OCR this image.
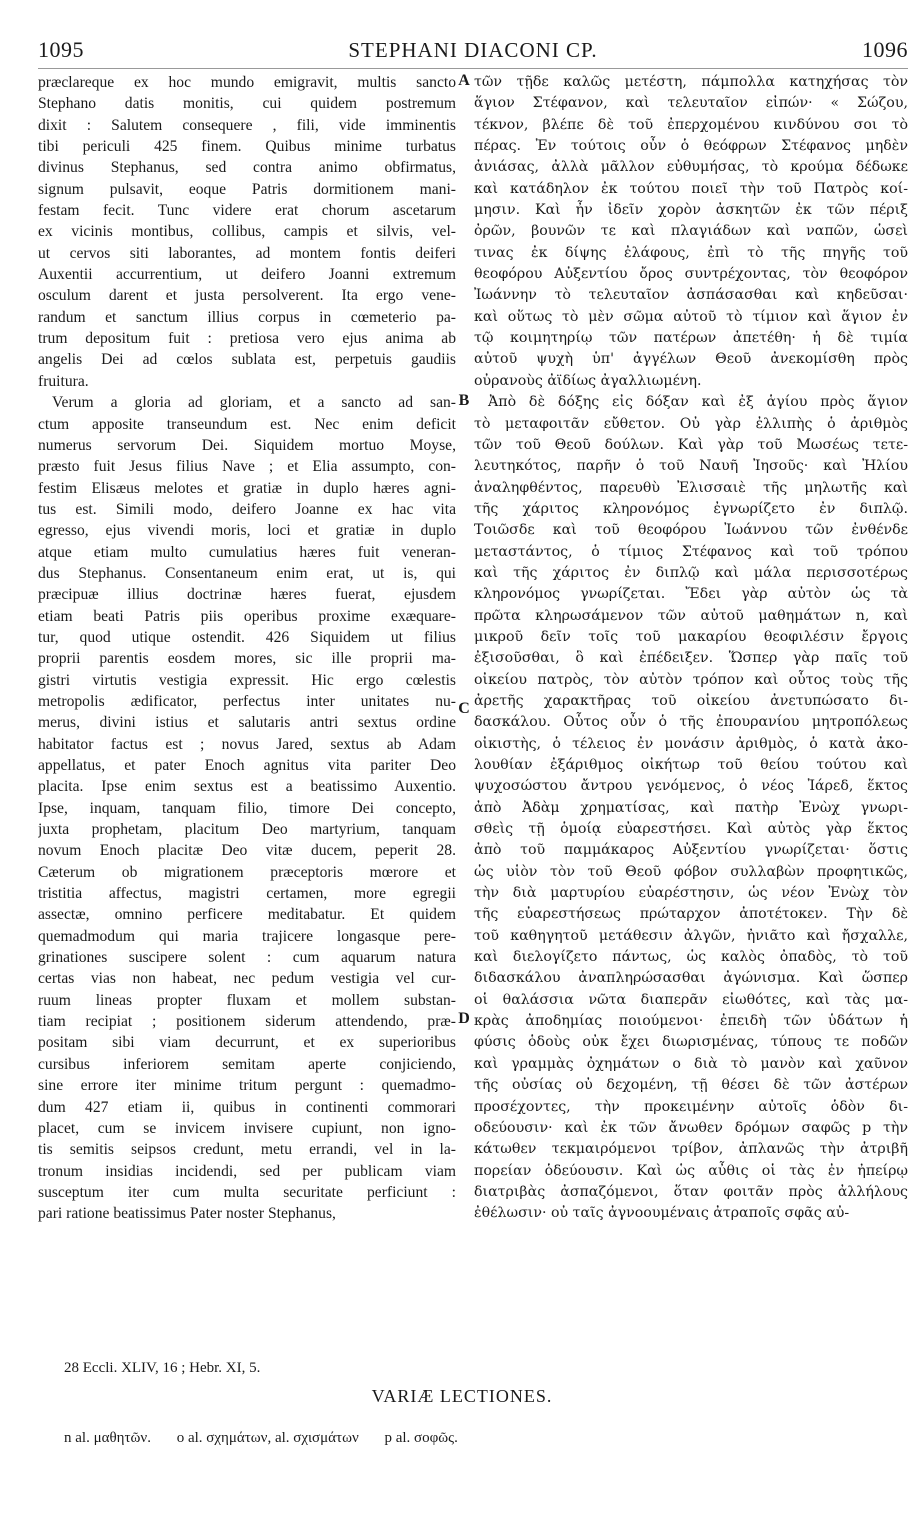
1095	STEPHANI DIACONI CP.	1096
præclareque ex hoc mundo emigravit, multis sancto
Stephano datis monitis, cui quidem postremum
dixit : Salutem consequere , fili, vide imminentis
tibi periculi 425 finem. Quibus minime turbatus
divinus Stephanus, sed contra animo obfirmatus,
signum pulsavit, eoque Patris dormitionem mani-
festam fecit. Tunc videre erat chorum ascetarum
ex vicinis montibus, collibus, campis et silvis, vel-
ut cervos siti laborantes, ad montem fontis deiferi
Auxentii accurrentium, ut deifero Joanni extremum
osculum darent et justa persolverent. Ita ergo vene-
randum et sanctum illius corpus in cœmeterio pa-
trum depositum fuit : pretiosa vero ejus anima ab
angelis Dei ad cœlos sublata est, perpetuis gaudiis
fruitura.
Verum a gloria ad gloriam, et a sancto ad san-
ctum apposite transeundum est. Nec enim deficit
numerus servorum Dei. Siquidem mortuo Moyse,
præsto fuit Jesus filius Nave ; et Elia assumpto, con-
festim Elisæus melotes et gratiæ in duplo hæres agni-
tus est. Simili modo, deifero Joanne ex hac vita
egresso, ejus vivendi moris, loci et gratiæ in duplo
atque etiam multo cumulatius hæres fuit veneran-
dus Stephanus. Consentaneum enim erat, ut is, qui
præcipuæ illius doctrinæ hæres fuerat, ejusdem
etiam beati Patris piis operibus proxime exæquare-
tur, quod utique ostendit. 426 Siquidem ut filius
proprii parentis eosdem mores, sic ille proprii ma-
gistri virtutis vestigia expressit. Hic ergo cœlestis
metropolis ædificator, perfectus inter unitates nu-
merus, divini istius et salutaris antri sextus ordine
habitator factus est ; novus Jared, sextus ab Adam
appellatus, et pater Enoch agnitus vita pariter Deo
placita. Ipse enim sextus est a beatissimo Auxentio.
Ipse, inquam, tanquam filio, timore Dei concepto,
juxta prophetam, placitum Deo martyrium, tanquam
novum Enoch placitæ Deo vitæ ducem, peperit 28.
Cæterum ob migrationem præceptoris mœrore et
tristitia affectus, magistri certamen, more egregii
assectæ, omnino perficere meditabatur. Et quidem
quemadmodum qui maria trajicere longasque pere-
grinationes suscipere solent : cum aquarum natura
certas vias non habeat, nec pedum vestigia vel cur-
ruum lineas propter fluxam et mollem substan-
tiam recipiat ; positionem siderum attendendo, præ-
positam sibi viam decurrunt, et ex superioribus
cursibus inferiorem semitam aperte conjiciendo,
sine errore iter minime tritum pergunt : quemadmo-
dum 427 etiam ii, quibus in continenti commorari
placet, cum se invicem invisere cupiunt, non igno-
tis semitis seipsos credunt, metu errandi, vel in la-
tronum insidias incidendi, sed per publicam viam
susceptum iter cum multa securitate perficiunt :
pari ratione beatissimus Pater noster Stephanus,
τῶν τῇδε καλῶς μετέστη, πάμπολλα κατηχήσας τὸν
ἅγιον Στέφανον, καὶ τελευταῖον εἰπών· « Σώζου,
τέκνον, βλέπε δὲ τοῦ ἐπερχομένου κινδύνου σοι τὸ
πέρας. Ἐν τούτοις οὖν ὁ θεόφρων Στέφανος μηδὲν
ἀνιάσας, ἀλλὰ μᾶλλον εὐθυμήσας, τὸ κρούμα δέδωκε
καὶ κατάδηλον ἐκ τούτου ποιεῖ τὴν τοῦ Πατρὸς κοί-
μησιν. Καὶ ἦν ἰδεῖν χορὸν ἀσκητῶν ἐκ τῶν πέριξ
ὀρῶν, βουνῶν τε καὶ πλαγιάδων καὶ ναπῶν, ὡσεὶ
τινας ἐκ δίψης ἐλάφους, ἐπὶ τὸ τῆς πηγῆς τοῦ
θεοφόρου Αὐξεντίου ὄρος συντρέχοντας, τὸν θεοφόρον
Ἰωάννην τὸ τελευταῖον ἀσπάσασθαι καὶ κηδεῦσαι·
καὶ οὕτως τὸ μὲν σῶμα αὐτοῦ τὸ τίμιον καὶ ἅγιον ἐν
τῷ κοιμητηρίῳ τῶν πατέρων ἀπετέθη· ἡ δὲ τιμία
αὐτοῦ ψυχὴ ὑπ' ἀγγέλων Θεοῦ ἀνεκομίσθη πρὸς
οὐρανοὺς ἀϊδίως ἀγαλλιωμένη.
Ἀπὸ δὲ δόξης εἰς δόξαν καὶ ἐξ ἁγίου πρὸς ἅγιον
τὸ μεταφοιτᾶν εὔθετον. Οὐ γὰρ ἐλλιπὴς ὁ ἀριθμὸς
τῶν τοῦ Θεοῦ δούλων. Καὶ γὰρ τοῦ Μωσέως τετε-
λευτηκότος, παρῆν ὁ τοῦ Ναυῆ Ἰησοῦς· καὶ Ἠλίου
ἀναληφθέντος, παρευθὺ Ἐλισσαιὲ τῆς μηλωτῆς καὶ
τῆς χάριτος κληρονόμος ἐγνωρίζετο ἐν διπλῷ.
Τοιῶσδε καὶ τοῦ θεοφόρου Ἰωάννου τῶν ἐνθένδε
μεταστάντος, ὁ τίμιος Στέφανος καὶ τοῦ τρόπου
καὶ τῆς χάριτος ἐν διπλῷ καὶ μάλα περισσοτέρως
κληρονόμος γνωρίζεται. Ἔδει γὰρ αὐτὸν ὡς τὰ
πρῶτα κληρωσάμενον τῶν αὐτοῦ μαθημάτων n, καὶ
μικροῦ δεῖν τοῖς τοῦ μακαρίου θεοφιλέσιν ἔργοις
ἐξισοῦσθαι, ὃ καὶ ἐπέδειξεν. Ὥσπερ γὰρ παῖς τοῦ
οἰκείου πατρὸς, τὸν αὐτὸν τρόπον καὶ οὗτος τοὺς τῆς
ἀρετῆς χαρακτῆρας τοῦ οἰκείου ἀνετυπώσατο δι-
δασκάλου. Οὗτος οὖν ὁ τῆς ἐπουρανίου μητροπόλεως
οἰκιστὴς, ὁ τέλειος ἐν μονάσιν ἀριθμὸς, ὁ κατὰ ἀκο-
λουθίαν ἐξάριθμος οἰκήτωρ τοῦ θείου τούτου καὶ
ψυχοσώστου ἄντρου γενόμενος, ὁ νέος Ἰάρεδ, ἕκτος
ἀπὸ Ἀδὰμ χρηματίσας, καὶ πατὴρ Ἐνὼχ γνωρι-
σθεὶς τῇ ὁμοίᾳ εὐαρεστήσει. Καὶ αὐτὸς γὰρ ἕκτος
ἀπὸ τοῦ παμμάκαρος Αὐξεντίου γνωρίζεται· ὅστις
ὡς υἱὸν τὸν τοῦ Θεοῦ φόβον συλλαβὼν προφητικῶς,
τὴν διὰ μαρτυρίου εὐαρέστησιν, ὡς νέον Ἐνὼχ τὸν
τῆς εὐαρεστήσεως πρώταρχον ἀποτέτοκεν. Τὴν δὲ
τοῦ καθηγητοῦ μετάθεσιν ἀλγῶν, ἠνιᾶτο καὶ ἤσχαλλε,
καὶ διελογίζετο πάντως, ὡς καλὸς ὀπαδὸς, τὸ τοῦ
διδασκάλου ἀναπληρώσασθαι ἀγώνισμα. Καὶ ὥσπερ
οἱ θαλάσσια νῶτα διαπερᾶν εἰωθότες, καὶ τὰς μα-
κρὰς ἀποδημίας ποιούμενοι· ἐπειδὴ τῶν ὑδάτων ἡ
φύσις ὁδοὺς οὐκ ἔχει διωρισμένας, τύπους τε ποδῶν
καὶ γραμμὰς ὀχημάτων o διὰ τὸ μανὸν καὶ χαῦνον
τῆς οὐσίας οὐ δεχομένη, τῇ θέσει δὲ τῶν ἀστέρων
προσέχοντες, τὴν προκειμένην αὐτοῖς ὁδὸν δι-
οδεύουσιν· καὶ ἐκ τῶν ἄνωθεν δρόμων σαφῶς p τὴν
κάτωθεν τεκμαιρόμενοι τρίβον, ἀπλανῶς τὴν ἀτριβῆ
πορείαν ὁδεύουσιν. Καὶ ὡς αὖθις οἱ τὰς ἐν ἠπείρῳ
διατριβὰς ἀσπαζόμενοι, ὅταν φοιτᾶν πρὸς ἀλλήλους
ἐθέλωσιν· οὐ ταῖς ἀγνοουμέναις ἀτραποῖς σφᾶς αὐ-
A
B
C
D
28 Eccli. XLIV, 16 ; Hebr. XI, 5.
VARIÆ LECTIONES.
n al. μαθητῶν. o al. σχημάτων, al. σχισμάτων p al. σοφῶς.
